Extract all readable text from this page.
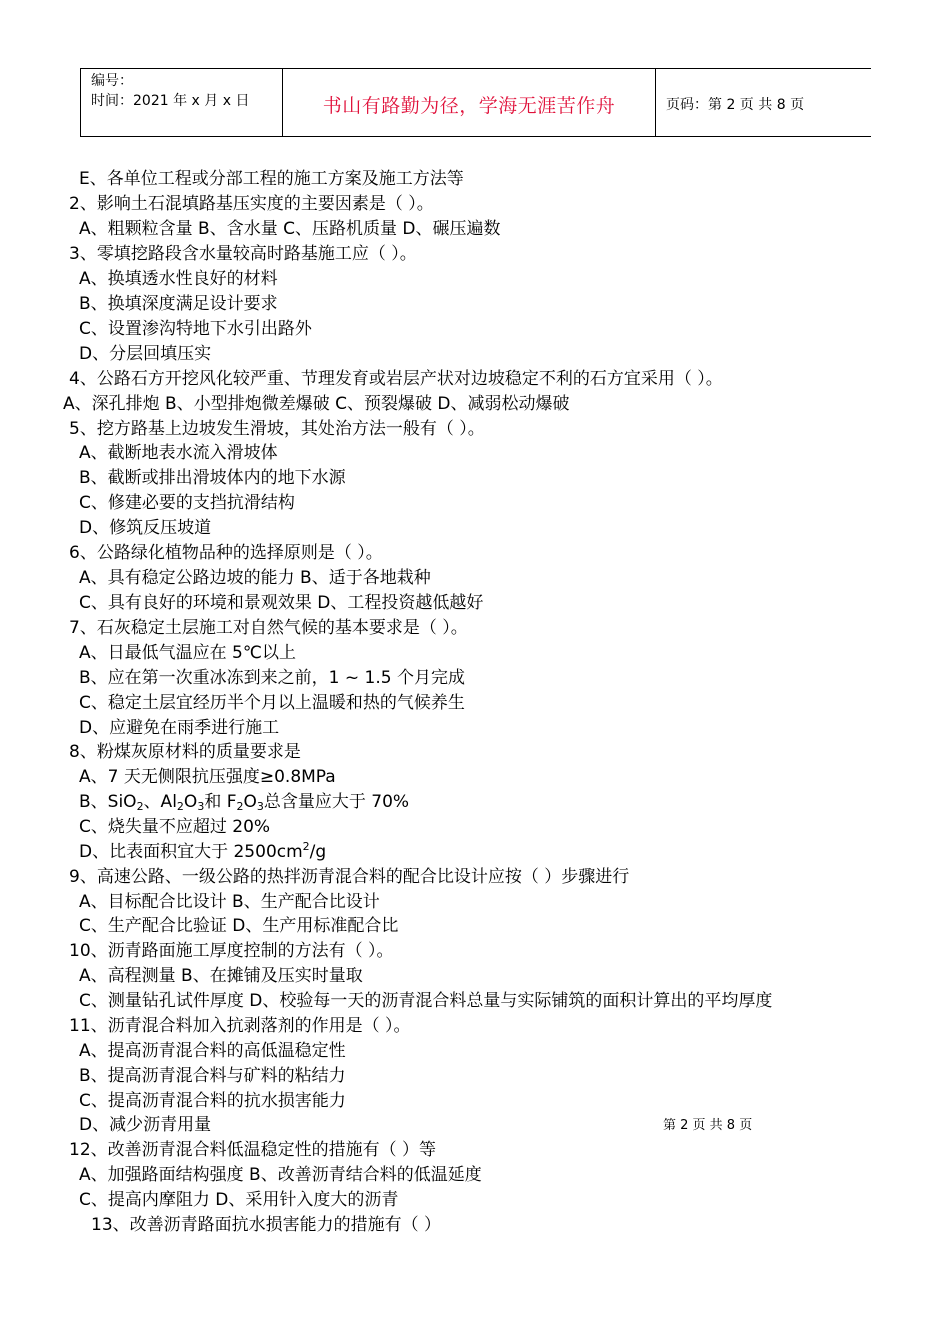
编号：
时间：2021 年 x 月 x 日	书山有路勤为径，学海无涯苦作舟	页码：第 2 页 共 8 页
E、各单位工程或分部工程的施工方案及施工方法等
2、影响土石混填路基压实度的主要因素是（ ）。
A、粗颗粒含量 B、含水量 C、压路机质量 D、碾压遍数
3、零填挖路段含水量较高时路基施工应（ ）。
A、换填透水性良好的材料
B、换填深度满足设计要求
C、设置渗沟特地下水引出路外
D、分层回填压实
4、公路石方开挖风化较严重、节理发育或岩层产状对边坡稳定不利的石方宜采用（ ）。
A、深孔排炮 B、小型排炮微差爆破 C、预裂爆破 D、减弱松动爆破
5、挖方路基上边坡发生滑坡，其处治方法一般有（ ）。
A、截断地表水流入滑坡体
B、截断或排出滑坡体内的地下水源
C、修建必要的支挡抗滑结构
D、修筑反压坡道
6、公路绿化植物品种的选择原则是（ ）。
A、具有稳定公路边坡的能力 B、适于各地栽种
C、具有良好的环境和景观效果 D、工程投资越低越好
7、石灰稳定土层施工对自然气候的基本要求是（ ）。
A、日最低气温应在 5℃以上
B、应在第一次重冰冻到来之前，1 ~ 1.5 个月完成
C、稳定土层宜经历半个月以上温暖和热的气候养生
D、应避免在雨季进行施工
8、粉煤灰原材料的质量要求是
A、7 天无侧限抗压强度≥0.8MPa
B、SiO$_2$、$Al_2O_3$和 $F_2O_3$总含量应大于 70%
C、烧失量不应超过 20%
D、比表面积宜大于 $2500cm^2/g$
9、高速公路、一级公路的热拌沥青混合料的配合比设计应按（ ）步骤进行
A、目标配合比设计 B、生产配合比设计
C、生产配合比验证 D、生产用标准配合比
10、沥青路面施工厚度控制的方法有（ ）。
A、高程测量 B、在摊铺及压实时量取
C、测量钻孔试件厚度 D、校验每一天的沥青混合料总量与实际铺筑的面积计算出的平均厚度
11、沥青混合料加入抗剥落剂的作用是（ ）。
A、提高沥青混合料的高低温稳定性
B、提高沥青混合料与矿料的粘结力
C、提高沥青混合料的抗水损害能力
D、减少沥青用量	第 2 页 共 8 页
12、改善沥青混合料低温稳定性的措施有（ ）等
A、加强路面结构强度 B、改善沥青结合料的低温延度
C、提高内摩阻力 D、采用针入度大的沥青
13、改善沥青路面抗水损害能力的措施有（ ）
